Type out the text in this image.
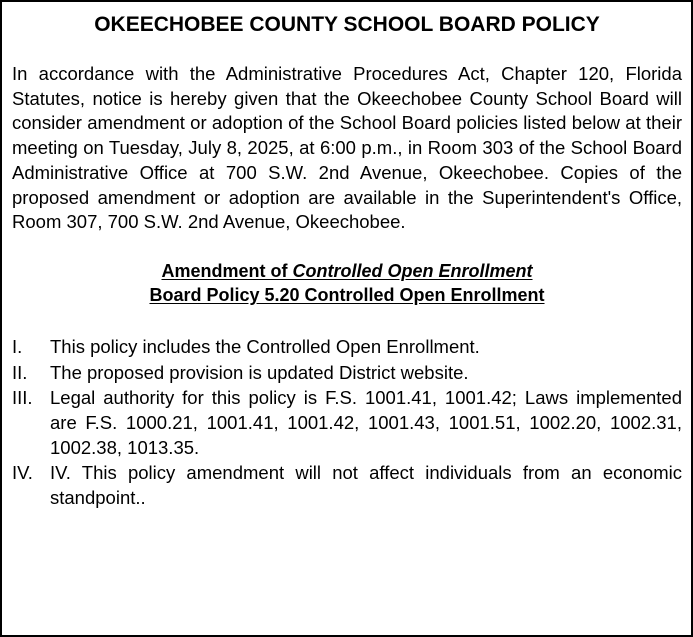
OKEECHOBEE COUNTY SCHOOL BOARD POLICY

In accordance with the Administrative Procedures Act, Chapter 120, Florida Statutes, notice is hereby given that the Okeechobee County School Board will consider amendment or adoption of the School Board policies listed below at their meeting on Tuesday, July 8, 2025, at 6:00 p.m., in Room 303 of the School Board Administrative Office at 700 S.W. 2nd Avenue, Okeechobee. Copies of the proposed amendment or adoption are available in the Superintendent's Office, Room 307, 700 S.W. 2nd Avenue, Okeechobee.

Amendment of Controlled Open Enrollment
Board Policy 5.20 Controlled Open Enrollment
I.	This policy includes the Controlled Open Enrollment.
II.	The proposed provision is updated District website.
III. Legal authority for this policy is F.S. 1001.41, 1001.42; Laws implemented are F.S. 1000.21, 1001.41, 1001.42, 1001.43, 1001.51, 1002.20, 1002.31, 1002.38, 1013.35.
IV. IV. This policy amendment will not affect individuals from an economic standpoint..
